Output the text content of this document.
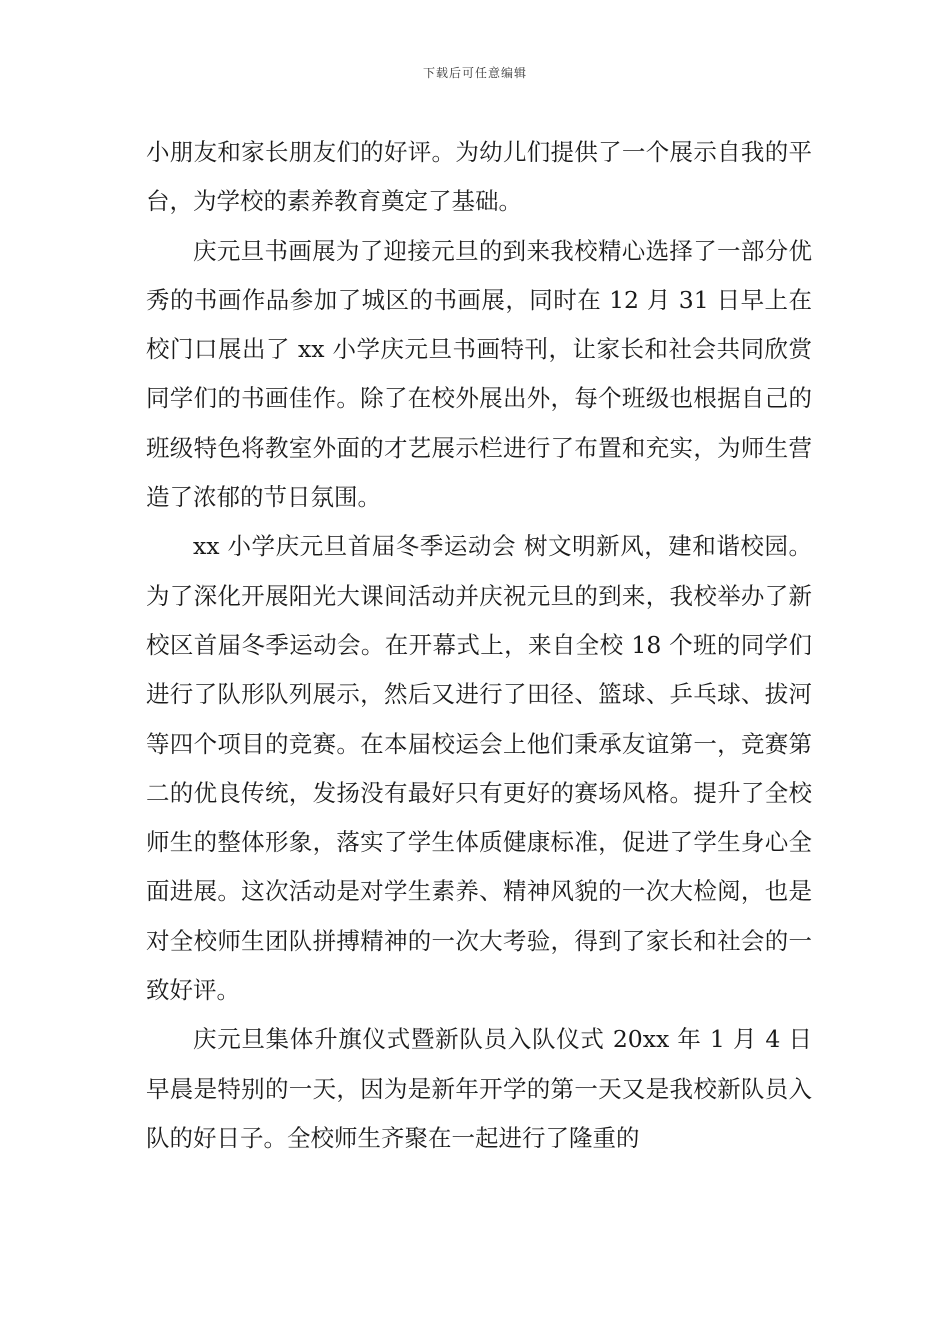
下载后可任意编辑

小朋友和家长朋友们的好评。为幼儿们提供了一个展示自我的平台，为学校的素养教育奠定了基础。

庆元旦书画展为了迎接元旦的到来我校精心选择了一部分优秀的书画作品参加了城区的书画展，同时在 12 月 31 日早上在校门口展出了 xx 小学庆元旦书画特刊，让家长和社会共同欣赏同学们的书画佳作。除了在校外展出外，每个班级也根据自己的班级特色将教室外面的才艺展示栏进行了布置和充实，为师生营造了浓郁的节日氛围。

xx 小学庆元旦首届冬季运动会 树文明新风，建和谐校园。为了深化开展阳光大课间活动并庆祝元旦的到来，我校举办了新校区首届冬季运动会。在开幕式上，来自全校 18 个班的同学们进行了队形队列展示，然后又进行了田径、篮球、乒乓球、拔河等四个项目的竞赛。在本届校运会上他们秉承友谊第一，竞赛第二的优良传统，发扬没有最好只有更好的赛场风格。提升了全校师生的整体形象，落实了学生体质健康标准，促进了学生身心全面进展。这次活动是对学生素养、精神风貌的一次大检阅，也是对全校师生团队拼搏精神的一次大考验，得到了家长和社会的一致好评。

庆元旦集体升旗仪式暨新队员入队仪式 20xx 年 1 月 4 日早晨是特别的一天，因为是新年开学的第一天又是我校新队员入队的好日子。全校师生齐聚在一起进行了隆重的
